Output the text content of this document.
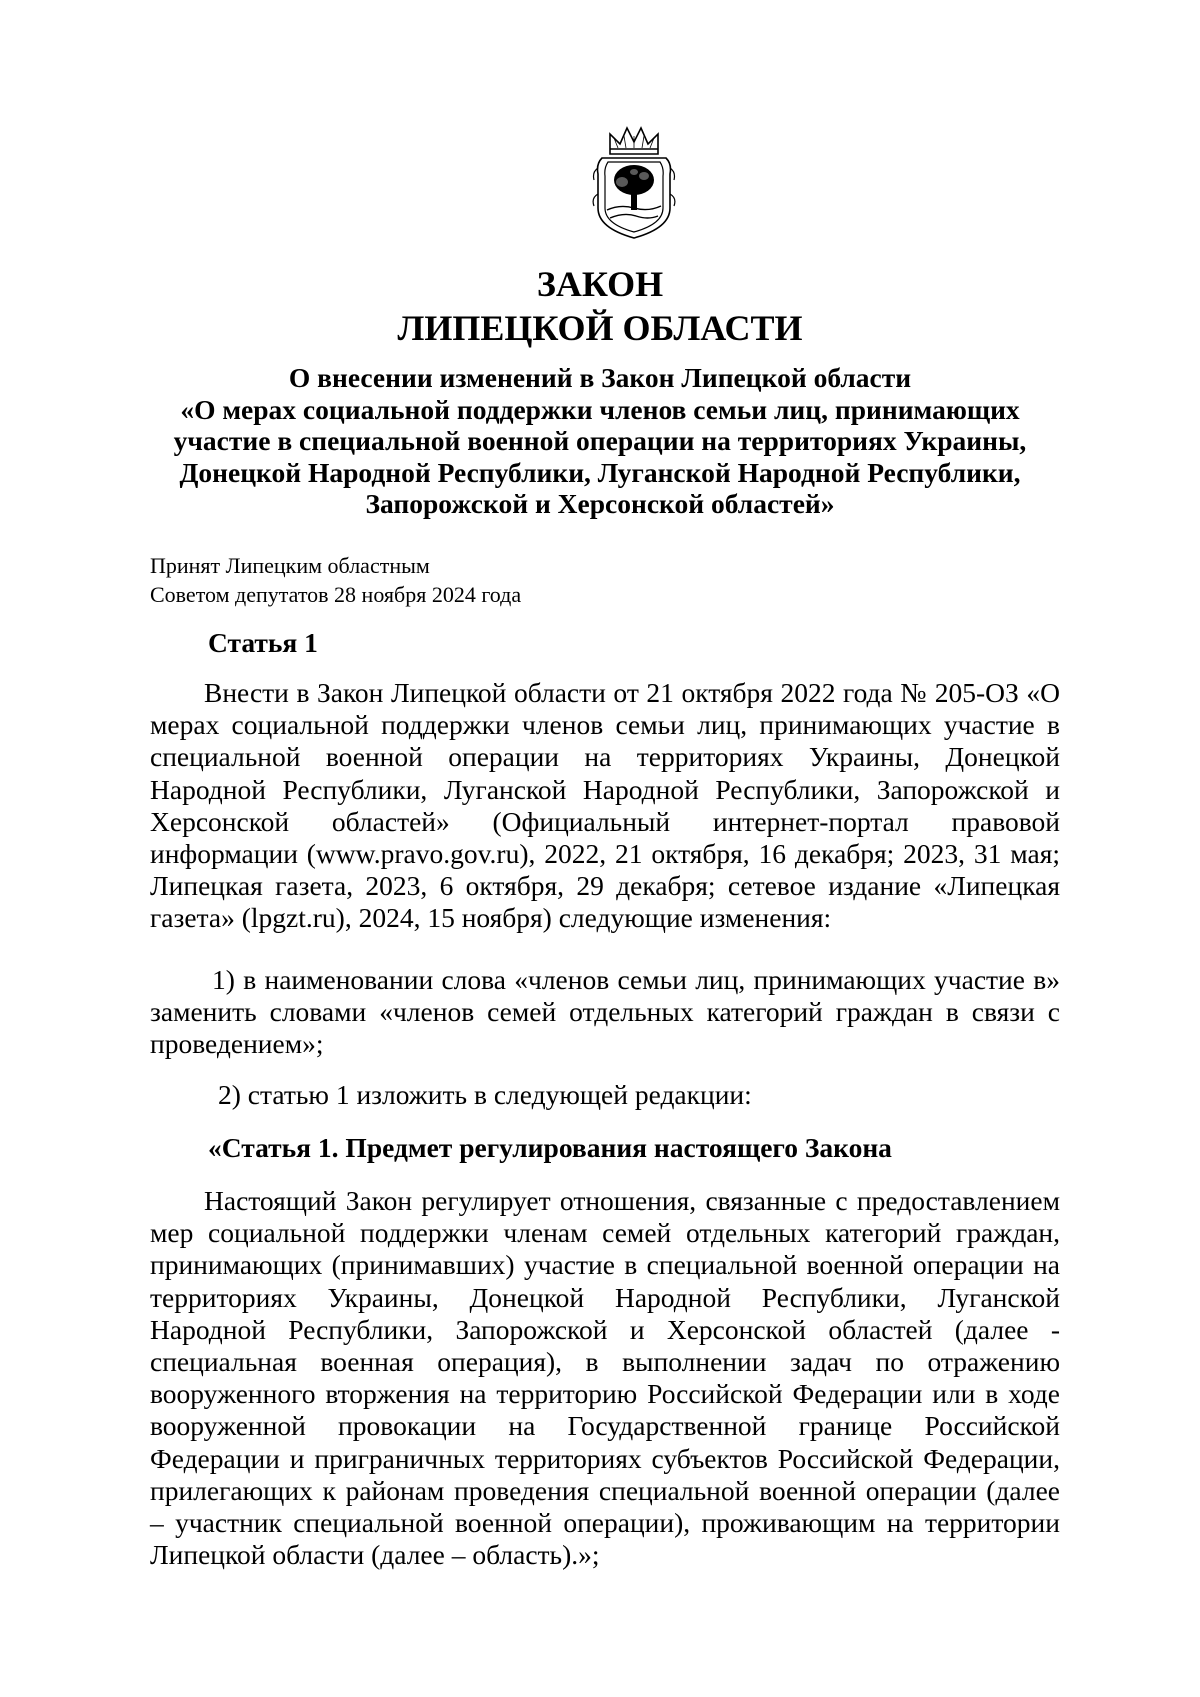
ЗАКОН
ЛИПЕЦКОЙ ОБЛАСТИ

О внесении изменений в Закон Липецкой области
«О мерах социальной поддержки членов семьи лиц, принимающих
участие в специальной военной операции на территориях Украины,
Донецкой Народной Республики, Луганской Народной Республики,
Запорожской и Херсонской областей»

Принят Липецким областным
Советом депутатов 28 ноября 2024 года

Статья 1

Внести в Закон Липецкой области от 21 октября 2022 года № 205-ОЗ «О мерах социальной поддержки членов семьи лиц, принимающих участие в специальной военной операции на территориях Украины, Донецкой Народной Республики, Луганской Народной Республики, Запорожской и Херсонской областей» (Официальный интернет-портал правовой информации (www.pravo.gov.ru), 2022, 21 октября, 16 декабря; 2023, 31 мая; Липецкая газета, 2023, 6 октября, 29 декабря; сетевое издание «Липецкая газета» (lpgzt.ru), 2024, 15 ноября) следующие изменения:

1) в наименовании слова «членов семьи лиц, принимающих участие в» заменить словами «членов семей отдельных категорий граждан в связи с проведением»;

2) статью 1 изложить в следующей редакции:

«Статья 1. Предмет регулирования настоящего Закона

Настоящий Закон регулирует отношения, связанные с предоставлением мер социальной поддержки членам семей отдельных категорий граждан, принимающих (принимавших) участие в специальной военной операции на территориях Украины, Донецкой Народной Республики, Луганской Народной Республики, Запорожской и Херсонской областей (далее - специальная военная операция), в выполнении задач по отражению вооруженного вторжения на территорию Российской Федерации или в ходе вооруженной провокации на Государственной границе Российской Федерации и приграничных территориях субъектов Российской Федерации, прилегающих к районам проведения специальной военной операции (далее – участник специальной военной операции), проживающим на территории Липецкой области (далее – область).»;
